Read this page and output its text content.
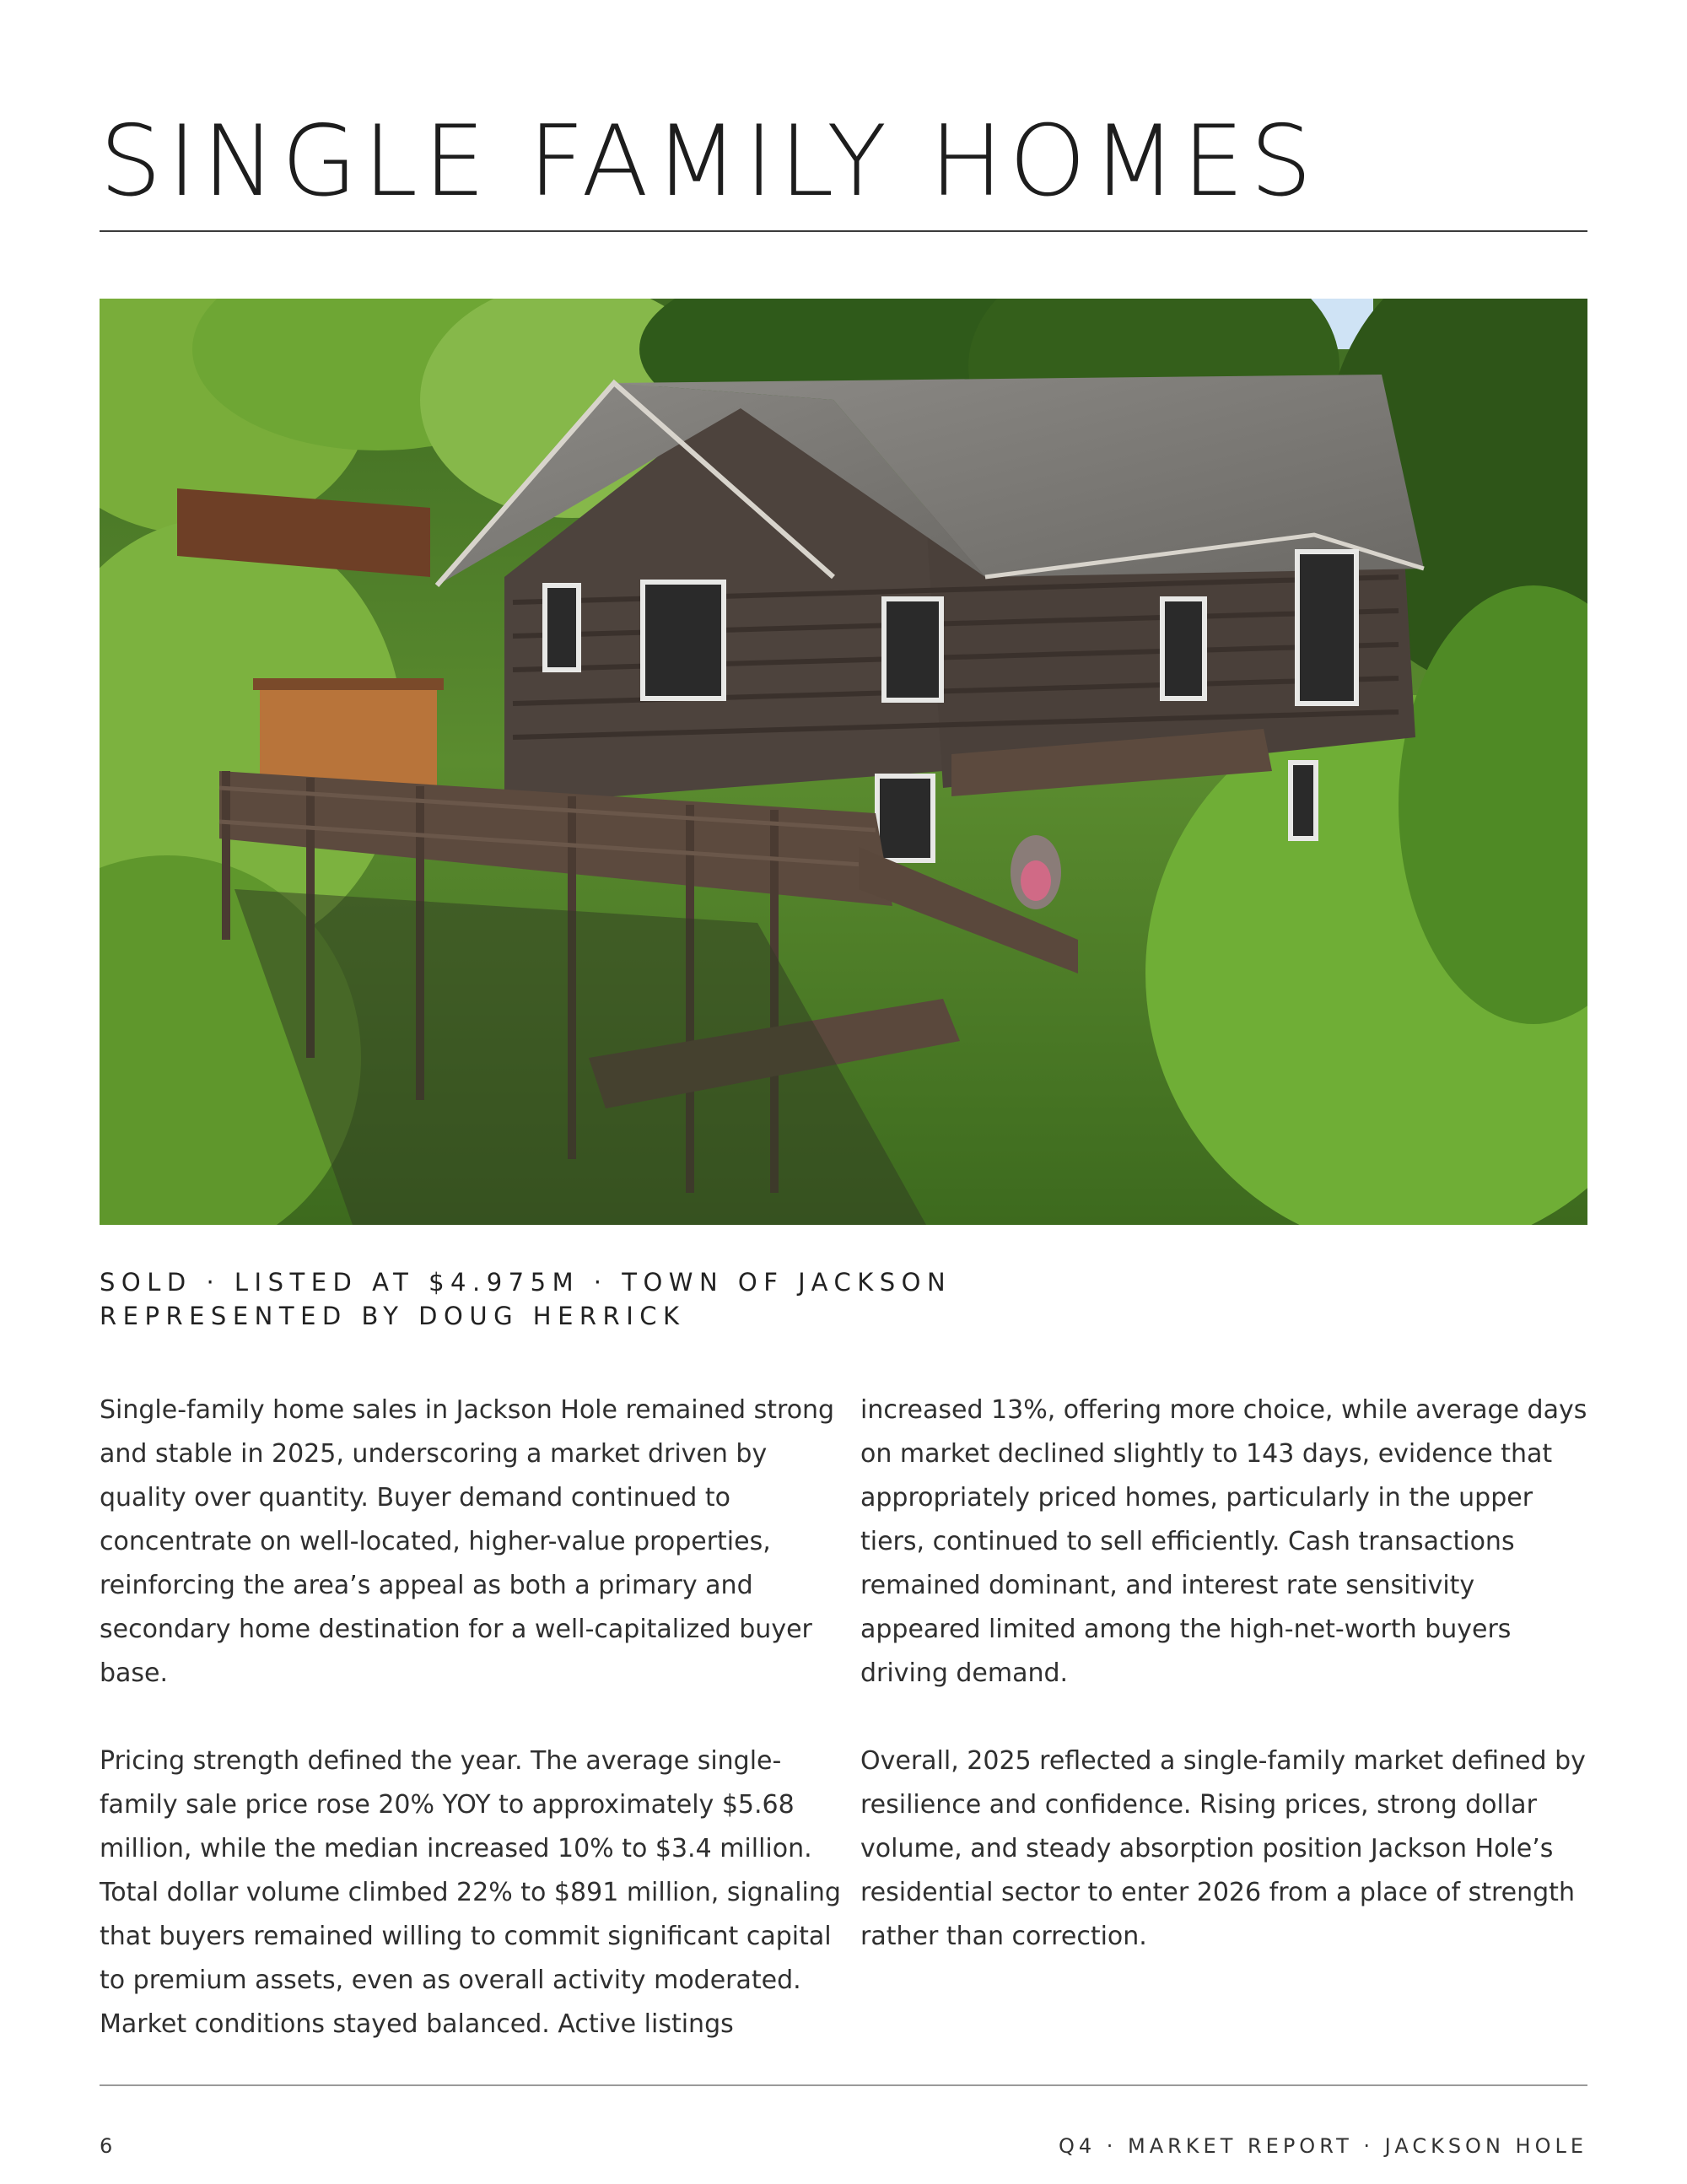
SINGLE FAMILY HOMES
SOLD · LISTED AT $4.975M · TOWN OF JACKSON
REPRESENTED BY DOUG HERRICK

Single-family home sales in Jackson Hole remained strong and stable in 2025, underscoring a market driven by quality over quantity. Buyer demand continued to concentrate on well-located, higher-value properties, reinforcing the area’s appeal as both a primary and secondary home destination for a well-capitalized buyer base.

Pricing strength defined the year. The average single-family sale price rose 20% YOY to approximately $5.68 million, while the median increased 10% to $3.4 million. Total dollar volume climbed 22% to $891 million, signaling that buyers remained willing to commit significant capital to premium assets, even as overall activity moderated. Market conditions stayed balanced. Active listings

increased 13%, offering more choice, while average days on market declined slightly to 143 days, evidence that appropriately priced homes, particularly in the upper tiers, continued to sell efficiently. Cash transactions remained dominant, and interest rate sensitivity appeared limited among the high-net-worth buyers driving demand.

Overall, 2025 reflected a single-family market defined by resilience and confidence. Rising prices, strong dollar volume, and steady absorption position Jackson Hole’s residential sector to enter 2026 from a place of strength rather than correction.

6	Q4 · MARKET REPORT · JACKSON HOLE
